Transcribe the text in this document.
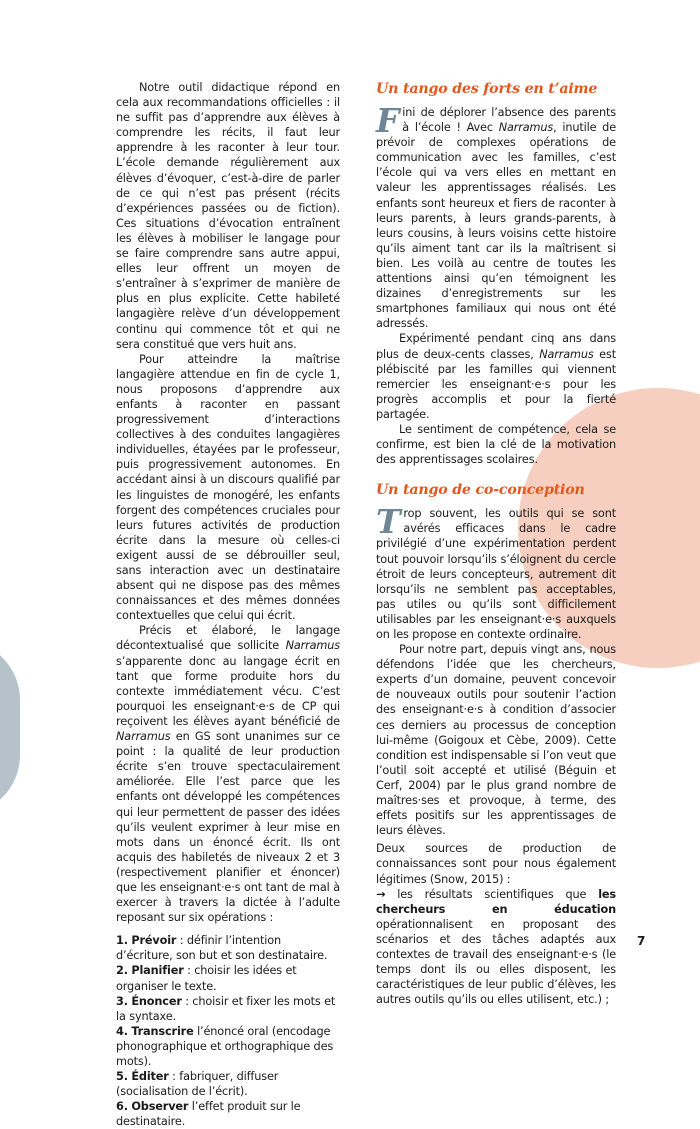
Notre outil didactique répond en cela aux recommandations officielles : il ne suffit pas d’apprendre aux élèves à comprendre les récits, il faut leur apprendre à les raconter à leur tour. L’école demande régulièrement aux élèves d’évoquer, c’est-à-dire de parler de ce qui n’est pas présent (récits d’expériences passées ou de fiction). Ces situations d’évocation entraînent les élèves à mobiliser le langage pour se faire comprendre sans autre appui, elles leur offrent un moyen de s’entraîner à s’exprimer de manière de plus en plus explicite. Cette habileté langagière relève d’un développement continu qui commence tôt et qui ne sera constitué que vers huit ans.

Pour atteindre la maîtrise langagière attendue en fin de cycle 1, nous proposons d’apprendre aux enfants à raconter en passant progressivement d’interactions collectives à des conduites langagières individuelles, étayées par le professeur, puis progressivement autonomes. En accédant ainsi à un discours qualifié par les linguistes de monogéré, les enfants forgent des compétences cruciales pour leurs futures activités de production écrite dans la mesure où celles-ci exigent aussi de se débrouiller seul, sans interaction avec un destinataire absent qui ne dispose pas des mêmes connaissances et des mêmes données contextuelles que celui qui écrit.

Précis et élaboré, le langage décontextualisé que sollicite Narramus s’apparente donc au langage écrit en tant que forme produite hors du contexte immédiatement vécu. C’est pourquoi les enseignant·e·s de CP qui reçoivent les élèves ayant bénéficié de Narramus en GS sont unanimes sur ce point : la qualité de leur production écrite s’en trouve spectaculairement améliorée. Elle l’est parce que les enfants ont développé les compétences qui leur permettent de passer des idées qu’ils veulent exprimer à leur mise en mots dans un énoncé écrit. Ils ont acquis des habiletés de niveaux 2 et 3 (respectivement planifier et énoncer) que les enseignant·e·s ont tant de mal à exercer à travers la dictée à l’adulte reposant sur six opérations :

1. Prévoir : définir l’intention d’écriture, son but et son destinataire.
2. Planifier : choisir les idées et organiser le texte.
3. Énoncer : choisir et fixer les mots et la syntaxe.
4. Transcrire l’énoncé oral (encodage phonographique et orthographique des mots).
5. Éditer : fabriquer, diffuser (socialisation de l’écrit).
6. Observer l’effet produit sur le destinataire.
Un tango des forts en t’aime

Fini de déplorer l’absence des parents à l’école ! Avec Narramus, inutile de prévoir de complexes opérations de communication avec les familles, c’est l’école qui va vers elles en mettant en valeur les apprentissages réalisés. Les enfants sont heureux et fiers de raconter à leurs parents, à leurs grands-parents, à leurs cousins, à leurs voisins cette histoire qu’ils aiment tant car ils la maîtrisent si bien. Les voilà au centre de toutes les attentions ainsi qu’en témoignent les dizaines d’enregistrements sur les smartphones familiaux qui nous ont été adressés.

Expérimenté pendant cinq ans dans plus de deux-cents classes, Narramus est plébiscité par les familles qui viennent remercier les enseignant·e·s pour les progrès accomplis et pour la fierté partagée.

Le sentiment de compétence, cela se confirme, est bien la clé de la motivation des apprentissages scolaires.

Un tango de co-conception

Trop souvent, les outils qui se sont avérés efficaces dans le cadre privilégié d’une expérimentation perdent tout pouvoir lorsqu’ils s’éloignent du cercle étroit de leurs concepteurs, autrement dit lorsqu’ils ne semblent pas acceptables, pas utiles ou qu’ils sont difficilement utilisables par les enseignant·e·s auxquels on les propose en contexte ordinaire.

Pour notre part, depuis vingt ans, nous défendons l’idée que les chercheurs, experts d’un domaine, peuvent concevoir de nouveaux outils pour soutenir l’action des enseignant·e·s à condition d’associer ces derniers au processus de conception lui-même (Goigoux et Cèbe, 2009). Cette condition est indispensable si l’on veut que l’outil soit accepté et utilisé (Béguin et Cerf, 2004) par le plus grand nombre de maîtres·ses et provoque, à terme, des effets positifs sur les apprentissages de leurs élèves.

Deux sources de production de connaissances sont pour nous également légitimes (Snow, 2015) :

→ les résultats scientifiques que les chercheurs en éducation opérationnalisent en proposant des scénarios et des tâches adaptés aux contextes de travail des enseignant·e·s (le temps dont ils ou elles disposent, les caractéristiques de leur public d’élèves, les autres outils qu’ils ou elles utilisent, etc.) ;

7
